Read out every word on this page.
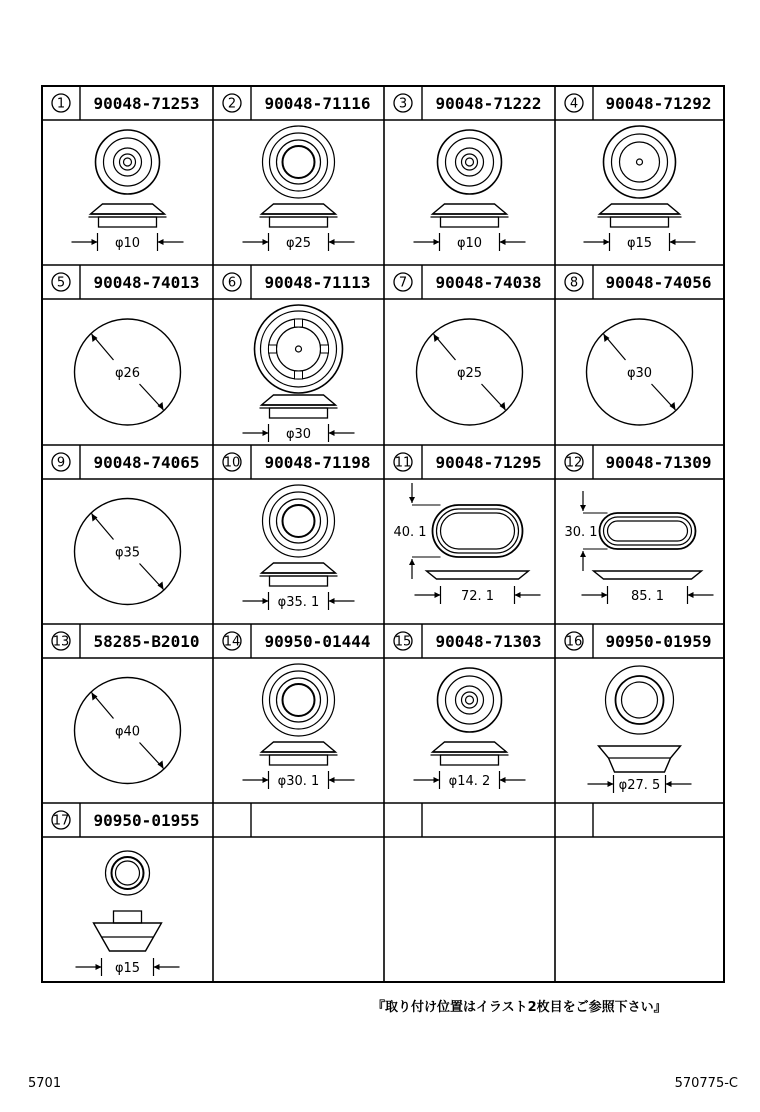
1 90048-71253
φ10
2 90048-71116
φ25
3 90048-71222
φ10
4 90048-71292
φ15
5 90048-74013
φ26
6 90048-71113
φ30
7 90048-74038
φ25
8 90048-74056
φ30
9 90048-74065
φ35
10 90048-71198
φ35. 1
11 90048-71295
40. 1
72. 1
12 90048-71309
30. 1
85. 1
13 58285-B2010
φ40
14 90950-01444
φ30. 1
15 90048-71303
φ14. 2
16 90950-01959
φ27. 5
17 90950-01955
φ15
『取り付け位置はイラスト2枚目をご参照下さい』
5701	570775-C
